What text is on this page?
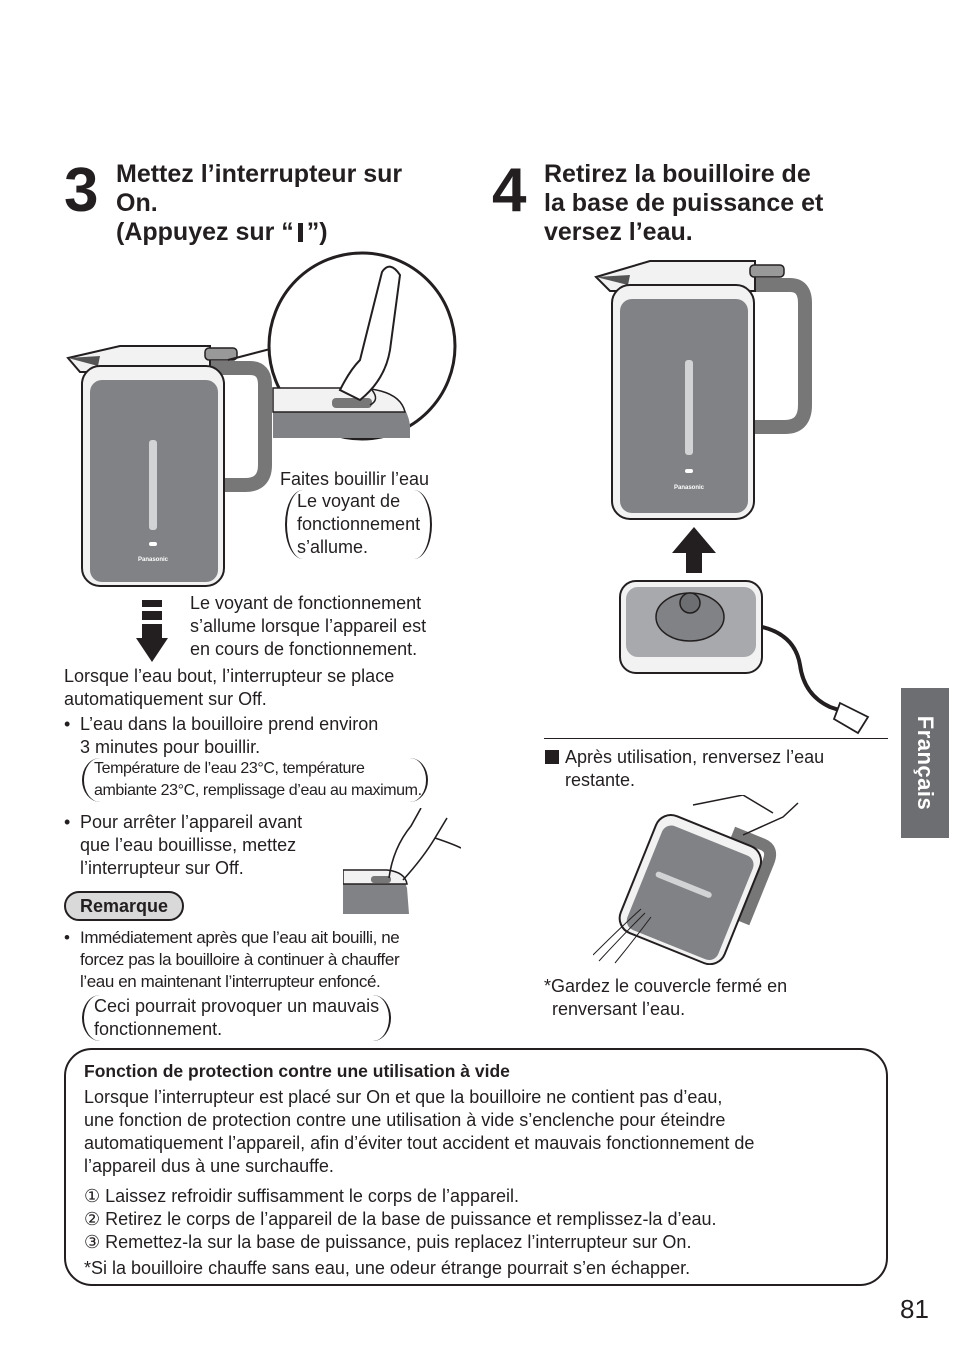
3 Mettez l’interrupteur sur
On.
(Appuyez sur “ ”)
Panasonic
Faites bouillir l’eau
Le voyant de
fonctionnement
s’allume.
Le voyant de fonctionnement
s’allume lorsque l’appareil est
en cours de fonctionnement.
Lorsque l’eau bout, l’interrupteur se place
automatiquement sur Off.
• L’eau dans la bouilloire prend environ
3 minutes pour bouillir.
Température de l’eau 23°C, température
ambiante 23°C, remplissage d’eau au maximum.
• Pour arrêter l’appareil avant
que l’eau bouillisse, mettez
l’interrupteur sur Off.
Remarque
• Immédiatement après que l’eau ait bouilli, ne
forcez pas la bouilloire à continuer à chauffer
l’eau en maintenant l’interrupteur enfoncé.
Ceci pourrait provoquer un mauvais
fonctionnement.
4 Retirez la bouilloire de
la base de puissance et
versez l’eau.
Panasonic
Après utilisation, renversez l’eau
restante.
*Gardez le couvercle fermé en
renversant l’eau.
Français
Fonction de protection contre une utilisation à vide
Lorsque l’interrupteur est placé sur On et que la bouilloire ne contient pas d’eau,
une fonction de protection contre une utilisation à vide s’enclenche pour éteindre
automatiquement l’appareil, afin d’éviter tout accident et mauvais fonctionnement de
l’appareil dus à une surchauffe.
① Laissez refroidir suffisamment le corps de l’appareil.
② Retirez le corps de l’appareil de la base de puissance et remplissez-la d’eau.
③ Remettez-la sur la base de puissance, puis replacez l’interrupteur sur On.
*Si la bouilloire chauffe sans eau, une odeur étrange pourrait s’en échapper.
81
